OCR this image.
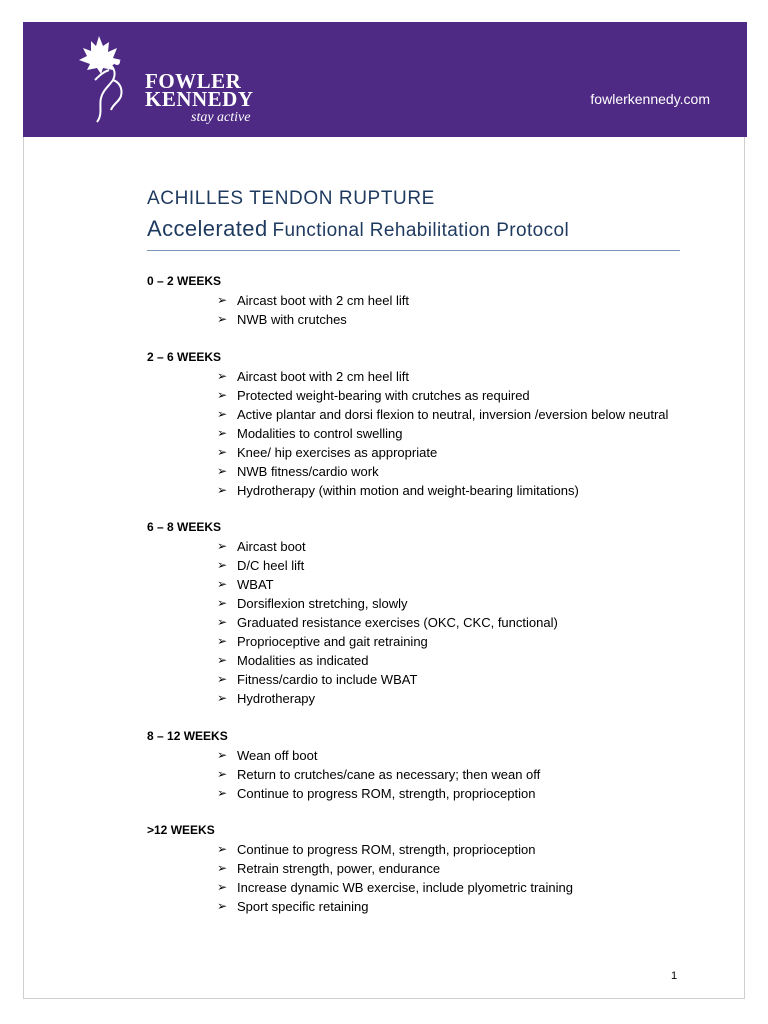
FOWLER
KENNEDY
stay active
fowlerkennedy.com
ACHILLES TENDON RUPTURE
Accelerated Functional Rehabilitation Protocol
0 – 2 WEEKS
➢ Aircast boot with 2 cm heel lift
➢ NWB with crutches
2 – 6 WEEKS
➢ Aircast boot with 2 cm heel lift
➢ Protected weight-bearing with crutches as required
➢ Active plantar and dorsi flexion to neutral, inversion /eversion below neutral
➢ Modalities to control swelling
➢ Knee/ hip exercises as appropriate
➢ NWB fitness/cardio work
➢ Hydrotherapy (within motion and weight-bearing limitations)
6 – 8 WEEKS
➢ Aircast boot
➢ D/C heel lift
➢ WBAT
➢ Dorsiflexion stretching, slowly
➢ Graduated resistance exercises (OKC, CKC, functional)
➢ Proprioceptive and gait retraining
➢ Modalities as indicated
➢ Fitness/cardio to include WBAT
➢ Hydrotherapy
8 – 12 WEEKS
➢ Wean off boot
➢ Return to crutches/cane as necessary; then wean off
➢ Continue to progress ROM, strength, proprioception
>12 WEEKS
➢ Continue to progress ROM, strength, proprioception
➢ Retrain strength, power, endurance
➢ Increase dynamic WB exercise, include plyometric training
➢ Sport specific retaining
1
